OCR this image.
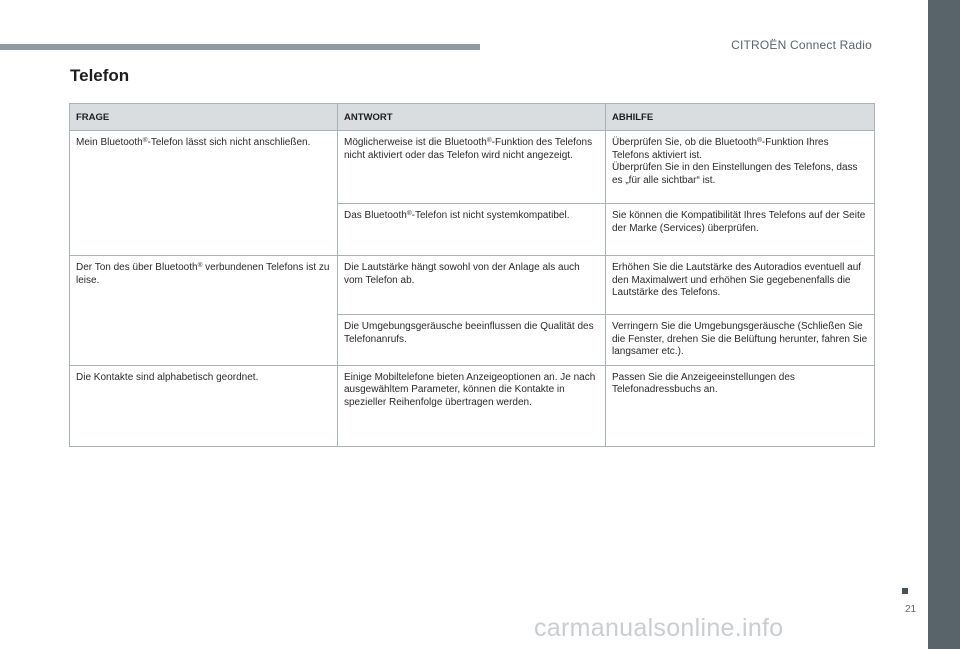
CITROËN Connect Radio
Telefon
FRAGE	ANTWORT	ABHILFE
Mein Bluetooth®-Telefon lässt sich nicht anschließen.	Möglicherweise ist die Bluetooth®-Funktion des Telefons nicht aktiviert oder das Telefon wird nicht angezeigt.	Überprüfen Sie, ob die Bluetooth®-Funktion Ihres Telefons aktiviert ist.
Überprüfen Sie in den Einstellungen des Telefons, dass es „für alle sichtbar“ ist.
	Das Bluetooth®-Telefon ist nicht systemkompatibel.	Sie können die Kompatibilität Ihres Telefons auf der Seite der Marke (Services) überprüfen.
Der Ton des über Bluetooth® verbundenen Telefons ist zu leise.	Die Lautstärke hängt sowohl von der Anlage als auch vom Telefon ab.	Erhöhen Sie die Lautstärke des Autoradios eventuell auf den Maximalwert und erhöhen Sie gegebenenfalls die Lautstärke des Telefons.
	Die Umgebungsgeräusche beeinflussen die Qualität des Telefonanrufs.	Verringern Sie die Umgebungsgeräusche (Schließen Sie die Fenster, drehen Sie die Belüftung herunter, fahren Sie langsamer etc.).
Die Kontakte sind alphabetisch geordnet.	Einige Mobiltelefone bieten Anzeigeoptionen an. Je nach ausgewähltem Parameter, können die Kontakte in spezieller Reihenfolge übertragen werden.	Passen Sie die Anzeigeeinstellungen des Telefonadressbuchs an.
21
carmanualsonline.info
